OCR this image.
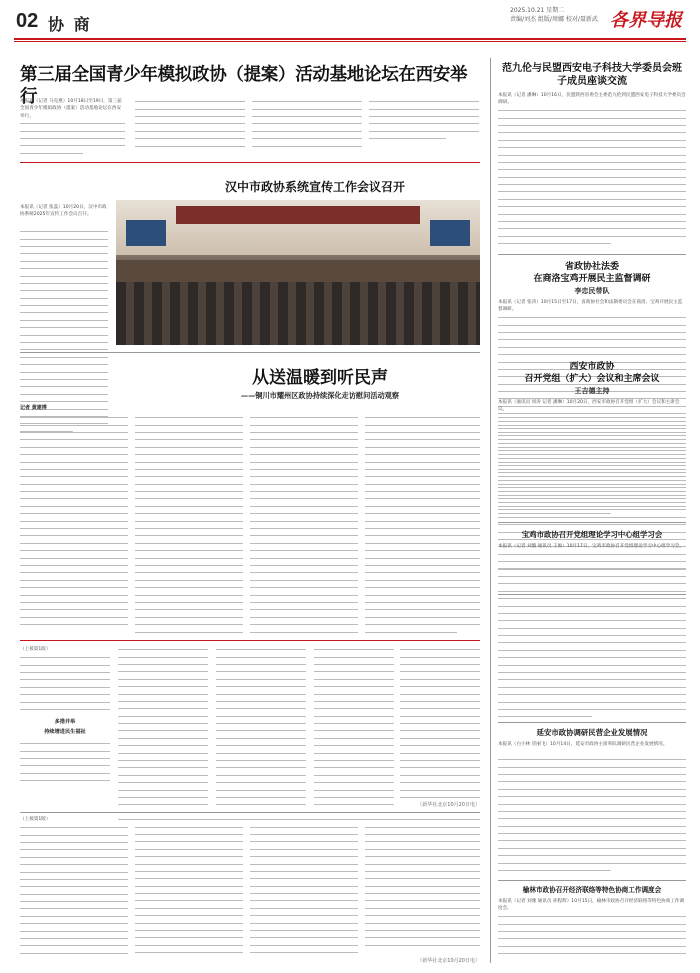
02 协 商
2025.10.21 星期二
责编/刘杰 组版/周娜 校对/聂新武 各界导报
第三届全国青少年模拟政协（提案）活动基地论坛在西安举行
本报讯（记者 马克惠）10月18日至19日，第三届全国青少年模拟政协（提案）活动基地论坛在西安举行。
汉中市政协系统宣传工作会议召开
本报讯（记者 张蕊）10月20日，汉中市政协系统2025年宣传工作会议召开。
从送温暖到听民声
——铜川市耀州区政协持续深化走访慰问活动观察
记者 黄建博
（上接第1版）
多措并举
持续增进民生福祉
（新华社北京10月20日电）
（上接第1版）
（新华社北京10月20日电）
范九伦与民盟西安电子科技大学委员会班子成员座谈交流
本报讯（记者 潘琳）10月16日，民盟陕西省委会主委范九伦到民盟西安电子科技大学委员会调研。
省政协社法委
在商洛宝鸡开展民主监督调研
李忠民带队
本报讯（记者 张涛）10月15日至17日，省政协社会和法制委员会在商洛、宝鸡开展民主监督调研。
西安市政协
召开党组（扩大）会议和主席会议
王吉德主持
本报讯（通讯员 同涛 记者 潘琳）10月20日，西安市政协召开党组（扩大）会议和主席会议。
宝鸡市政协召开党组理论学习中心组学习会
本报讯（记者 刘璇 通讯员 王俊）10月17日，宝鸡市政协召开党组理论学习中心组学习会。
延安市政协调研民营企业发展情况
本报讯（白小林 冒丽飞）10月14日，延安市政协主席率队调研民营企业发展情况。
榆林市政协召开经济联络等特色协商工作调度会
本报讯（记者 刘豫 通讯员 孙程辉）10月15日，榆林市政协召开经济联络等特色协商工作调度会。
